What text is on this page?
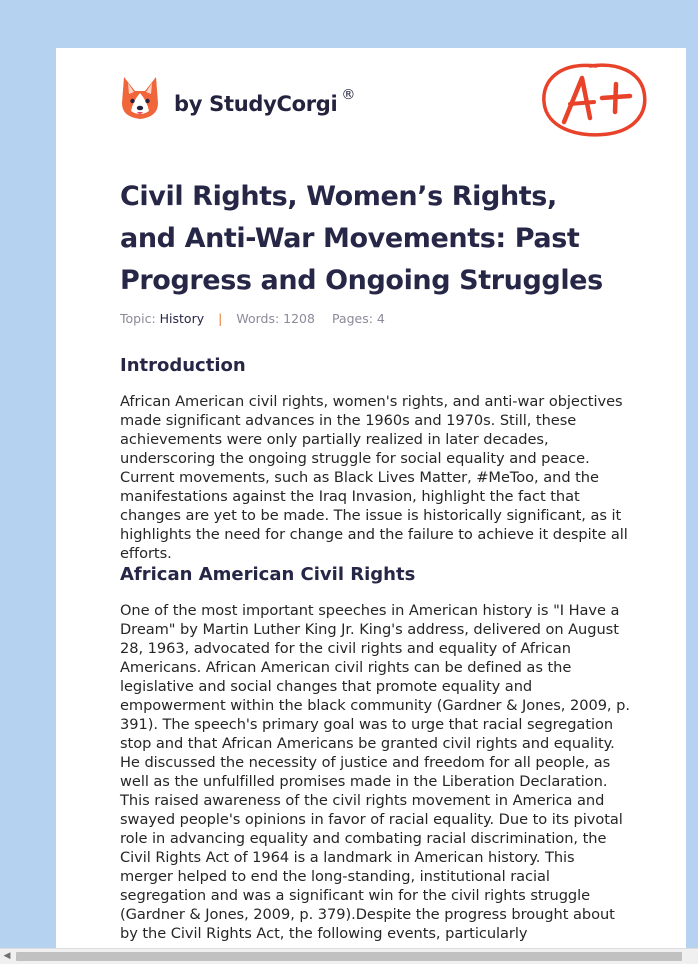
by StudyCorgi ®
A+
Civil Rights, Women’s Rights, and Anti-War Movements: Past Progress and Ongoing Struggles
Topic: History | Words: 1208 Pages: 4
Introduction

African American civil rights, women's rights, and anti-war objectives made significant advances in the 1960s and 1970s. Still, these achievements were only partially realized in later decades, underscoring the ongoing struggle for social equality and peace. Current movements, such as Black Lives Matter, #MeToo, and the manifestations against the Iraq Invasion, highlight the fact that changes are yet to be made. The issue is historically significant, as it highlights the need for change and the failure to achieve it despite all efforts.

African American Civil Rights

One of the most important speeches in American history is "I Have a Dream" by Martin Luther King Jr. King's address, delivered on August 28, 1963, advocated for the civil rights and equality of African Americans. African American civil rights can be defined as the legislative and social changes that promote equality and empowerment within the black community (Gardner & Jones, 2009, p. 391). The speech's primary goal was to urge that racial segregation stop and that African Americans be granted civil rights and equality. He discussed the necessity of justice and freedom for all people, as well as the unfulfilled promises made in the Liberation Declaration. This raised awareness of the civil rights movement in America and swayed people's opinions in favor of racial equality. Due to its pivotal role in advancing equality and combating racial discrimination, the Civil Rights Act of 1964 is a landmark in American history. This merger helped to end the long-standing, institutional racial segregation and was a significant win for the civil rights struggle (Gardner & Jones, 2009, p. 379).Despite the progress brought about by the Civil Rights Act, the following events, particularly

◀
